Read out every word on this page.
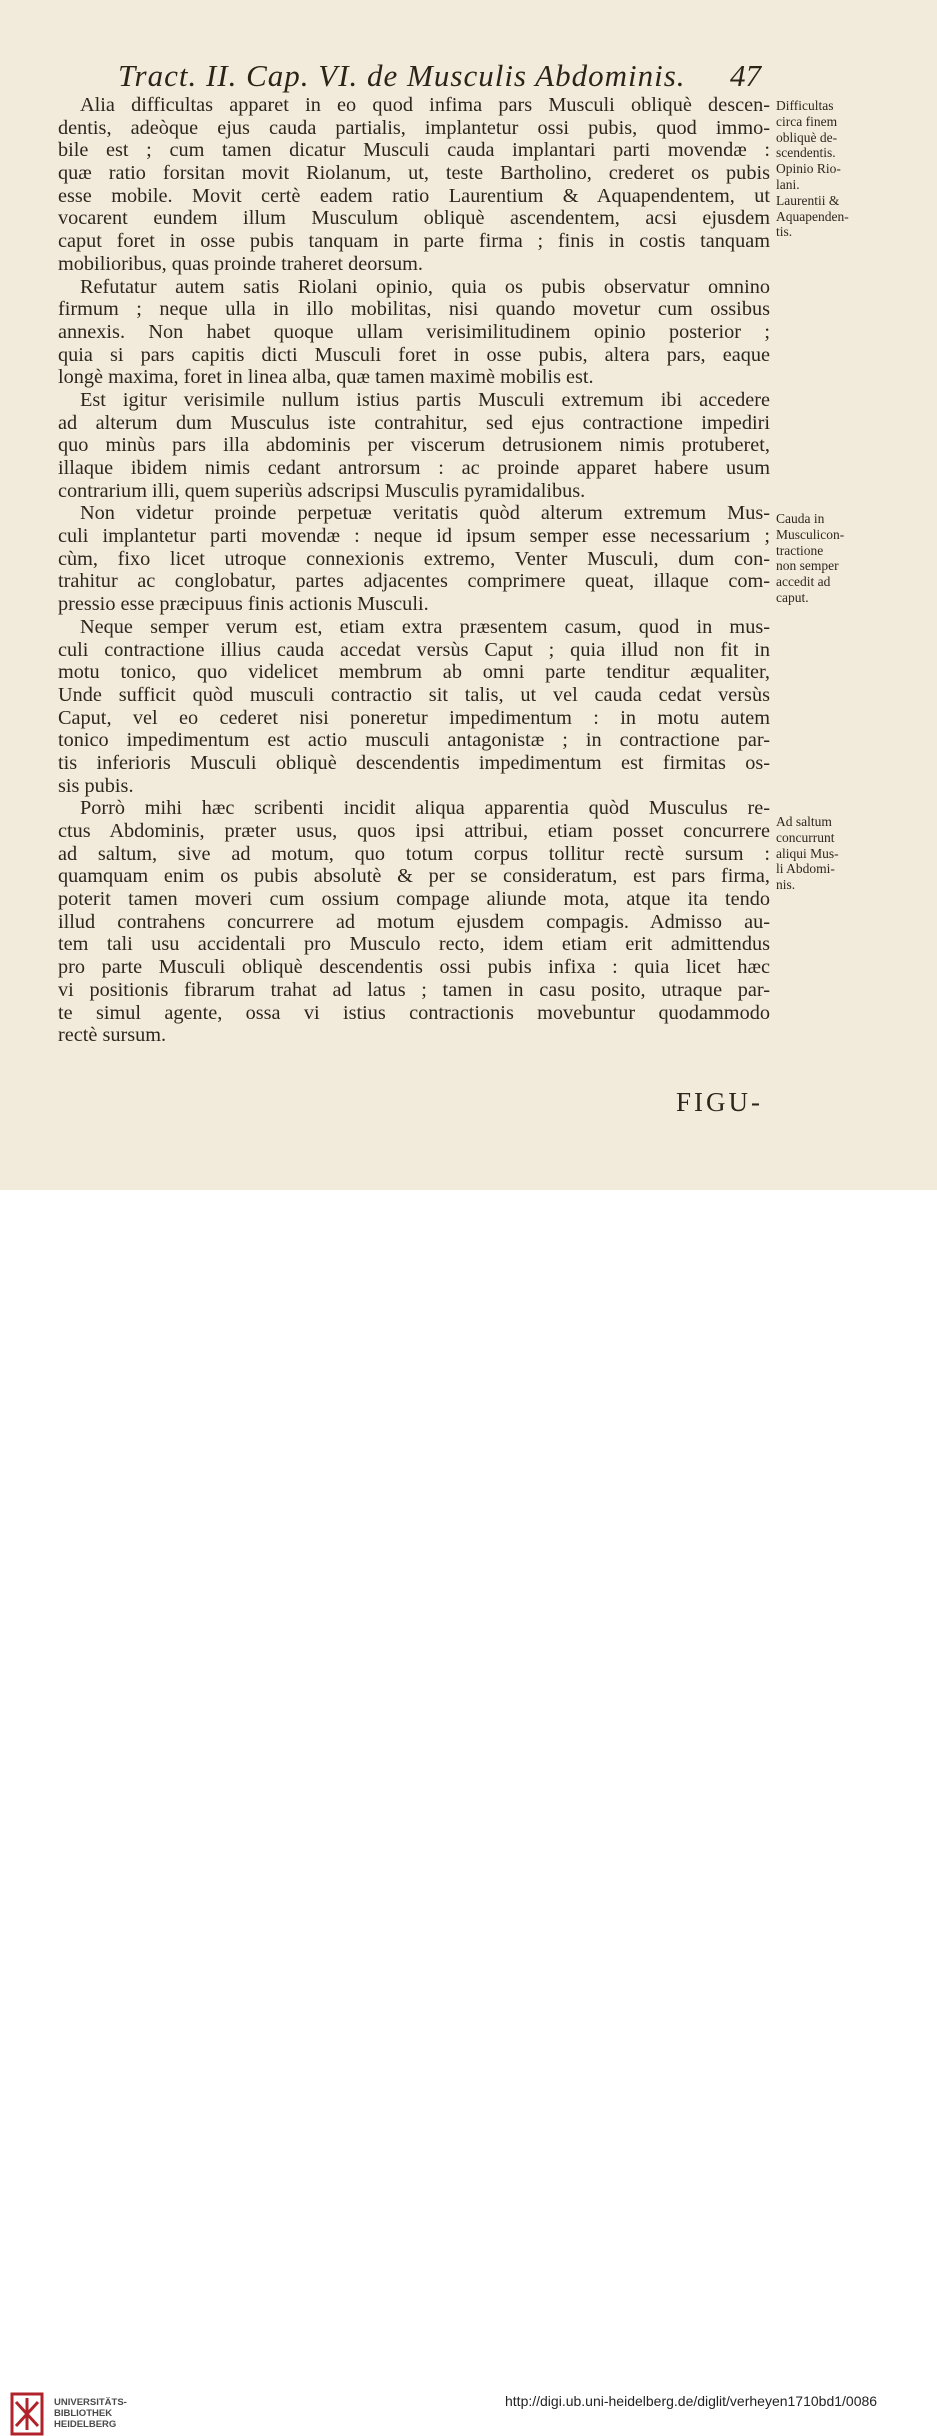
Tract. II. Cap. VI. de Musculis Abdominis.	47
Alia difficultas apparet in eo quod infima pars Musculi obliquè descen-
dentis, adeòque ejus cauda partialis, implantetur ossi pubis, quod immo-
bile est ; cum tamen dicatur Musculi cauda implantari parti movendæ :
quæ ratio forsitan movit Riolanum, ut, teste Bartholino, crederet os pubis
esse mobile. Movit certè eadem ratio Laurentium & Aquapendentem, ut
vocarent eundem illum Musculum obliquè ascendentem, acsi ejusdem
caput foret in osse pubis tanquam in parte firma ; finis in costis tanquam
mobilioribus, quas proinde traheret deorsum.
Refutatur autem satis Riolani opinio, quia os pubis observatur omnino
firmum ; neque ulla in illo mobilitas, nisi quando movetur cum ossibus
annexis. Non habet quoque ullam verisimilitudinem opinio posterior ;
quia si pars capitis dicti Musculi foret in osse pubis, altera pars, eaque
longè maxima, foret in linea alba, quæ tamen maximè mobilis est.
Est igitur verisimile nullum istius partis Musculi extremum ibi accedere
ad alterum dum Musculus iste contrahitur, sed ejus contractione impediri
quo minùs pars illa abdominis per viscerum detrusionem nimis protuberet,
illaque ibidem nimis cedant antrorsum : ac proinde apparet habere usum
contrarium illi, quem superiùs adscripsi Musculis pyramidalibus.
Non videtur proinde perpetuæ veritatis quòd alterum extremum Mus-
culi implantetur parti movendæ : neque id ipsum semper esse necessarium ;
cùm, fixo licet utroque connexionis extremo, Venter Musculi, dum con-
trahitur ac conglobatur, partes adjacentes comprimere queat, illaque com-
pressio esse præcipuus finis actionis Musculi.
Neque semper verum est, etiam extra præsentem casum, quod in mus-
culi contractione illius cauda accedat versùs Caput ; quia illud non fit in
motu tonico, quo videlicet membrum ab omni parte tenditur æqualiter,
Unde sufficit quòd musculi contractio sit talis, ut vel cauda cedat versùs
Caput, vel eo cederet nisi poneretur impedimentum : in motu autem
tonico impedimentum est actio musculi antagonistæ ; in contractione par-
tis inferioris Musculi obliquè descendentis impedimentum est firmitas os-
sis pubis.
Porrò mihi hæc scribenti incidit aliqua apparentia quòd Musculus re-
ctus Abdominis, præter usus, quos ipsi attribui, etiam posset concurrere
ad saltum, sive ad motum, quo totum corpus tollitur rectè sursum :
quamquam enim os pubis absolutè & per se consideratum, est pars firma,
poterit tamen moveri cum ossium compage aliunde mota, atque ita tendo
illud contrahens concurrere ad motum ejusdem compagis. Admisso au-
tem tali usu accidentali pro Musculo recto, idem etiam erit admittendus
pro parte Musculi obliquè descendentis ossi pubis infixa : quia licet hæc
vi positionis fibrarum trahat ad latus ; tamen in casu posito, utraque par-
te simul agente, ossa vi istius contractionis movebuntur quodammodo
rectè sursum.
Difficultas
circa finem
obliquè de-
scendentis.
Opinio Rio-
lani.
Laurentii &
Aquapenden-
tis.
Cauda in
Musculicon-
tractione
non semper
accedit ad
caput.
Ad saltum
concurrunt
aliqui Mus-
li Abdomi-
nis.
FIGU-
UNIVERSITÄTS-
BIBLIOTHEK
HEIDELBERG
http://digi.ub.uni-heidelberg.de/diglit/verheyen1710bd1/0086
